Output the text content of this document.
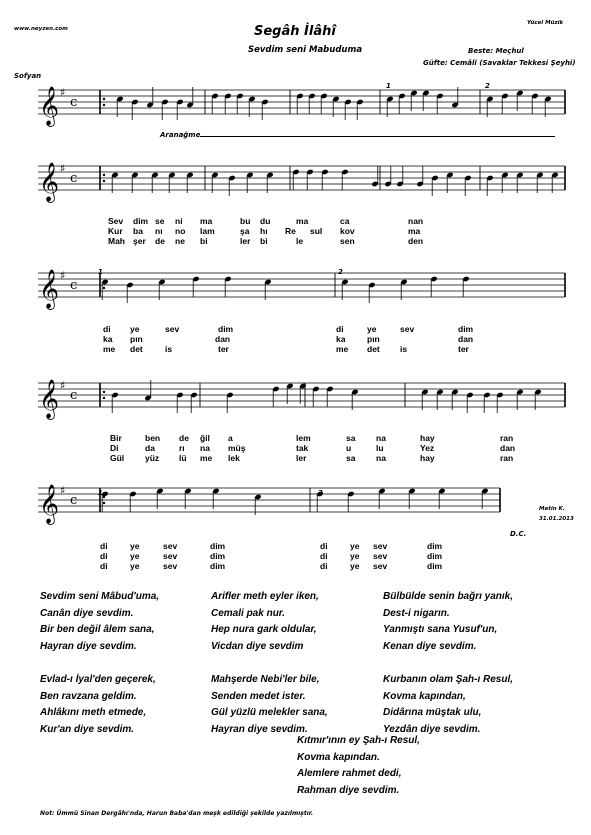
www.neyzen.com
Yücel Müzik
Segâh İlâhî
Sevdim seni Mabuduma	Beste: Meçhul
Güfte: Cemâli (Savaklar Tekkesi Şeyhi)
Sofyan
Aranağme
𝄞 ♯
c
𝄞 ♯
c
𝄞 ♯
c
𝄞 ♯
c
𝄞 ♯
c
1	2
1	2
1	2
D.C.
Metin K.
31.01.2013
Sev dim se ni ma	bu du	ma	ca	nan
Kur ba nı no lam	şa hı Re sul kov	ma
Mah şer de ne bi	ler bi	le	sen	den
di ye	sev	dim	di	ye	sev	dim
ka pın	dan	ka	pın	dan
me det	is	ter	me det is	ter
Bir	ben de ğil a	lem	sa na	hay	ran
Di	da	rı na müş	tak	u	lu	Yez	dan
Gül yüz lü me lek	ler	sa na	hay	ran
di	ye	sev	dim	di	ye sev	dim
di	ye	sev	dim	di	ye sev	dim
di	ye	sev	dim	di	ye sev	dim
Sevdim seni Mâbud'uma,
Canân diye sevdim.
Bir ben değil âlem sana,
Hayran diye sevdim.

Evlad-ı İyal'den geçerek,
Ben ravzana geldim.
Ahlâkını meth etmede,
Kur'an diye sevdim.
Arifler meth eyler iken,
Cemali pak nur.
Hep nura gark oldular,
Vicdan diye sevdim

Mahşerde Nebi'ler bile,
Senden medet ister.
Gül yüzlü melekler sana,
Hayran diye sevdim.
Bülbülde senin bağrı yanık,
Dest-i nigarın.
Yanmıştı sana Yusuf'un,
Kenan diye sevdim.

Kurbanın olam Şah-ı Resul,
Kovma kapından,
Didârına müştak ulu,
Yezdân diye sevdim.
Kıtmır'ının ey Şah-ı Resul,
Kovma kapından.
Alemlere rahmet dedi,
Rahman diye sevdim.
Not: Ümmü Sinan Dergâhı'nda, Harun Baba'dan meşk edildiği şekilde yazılmıştır.
